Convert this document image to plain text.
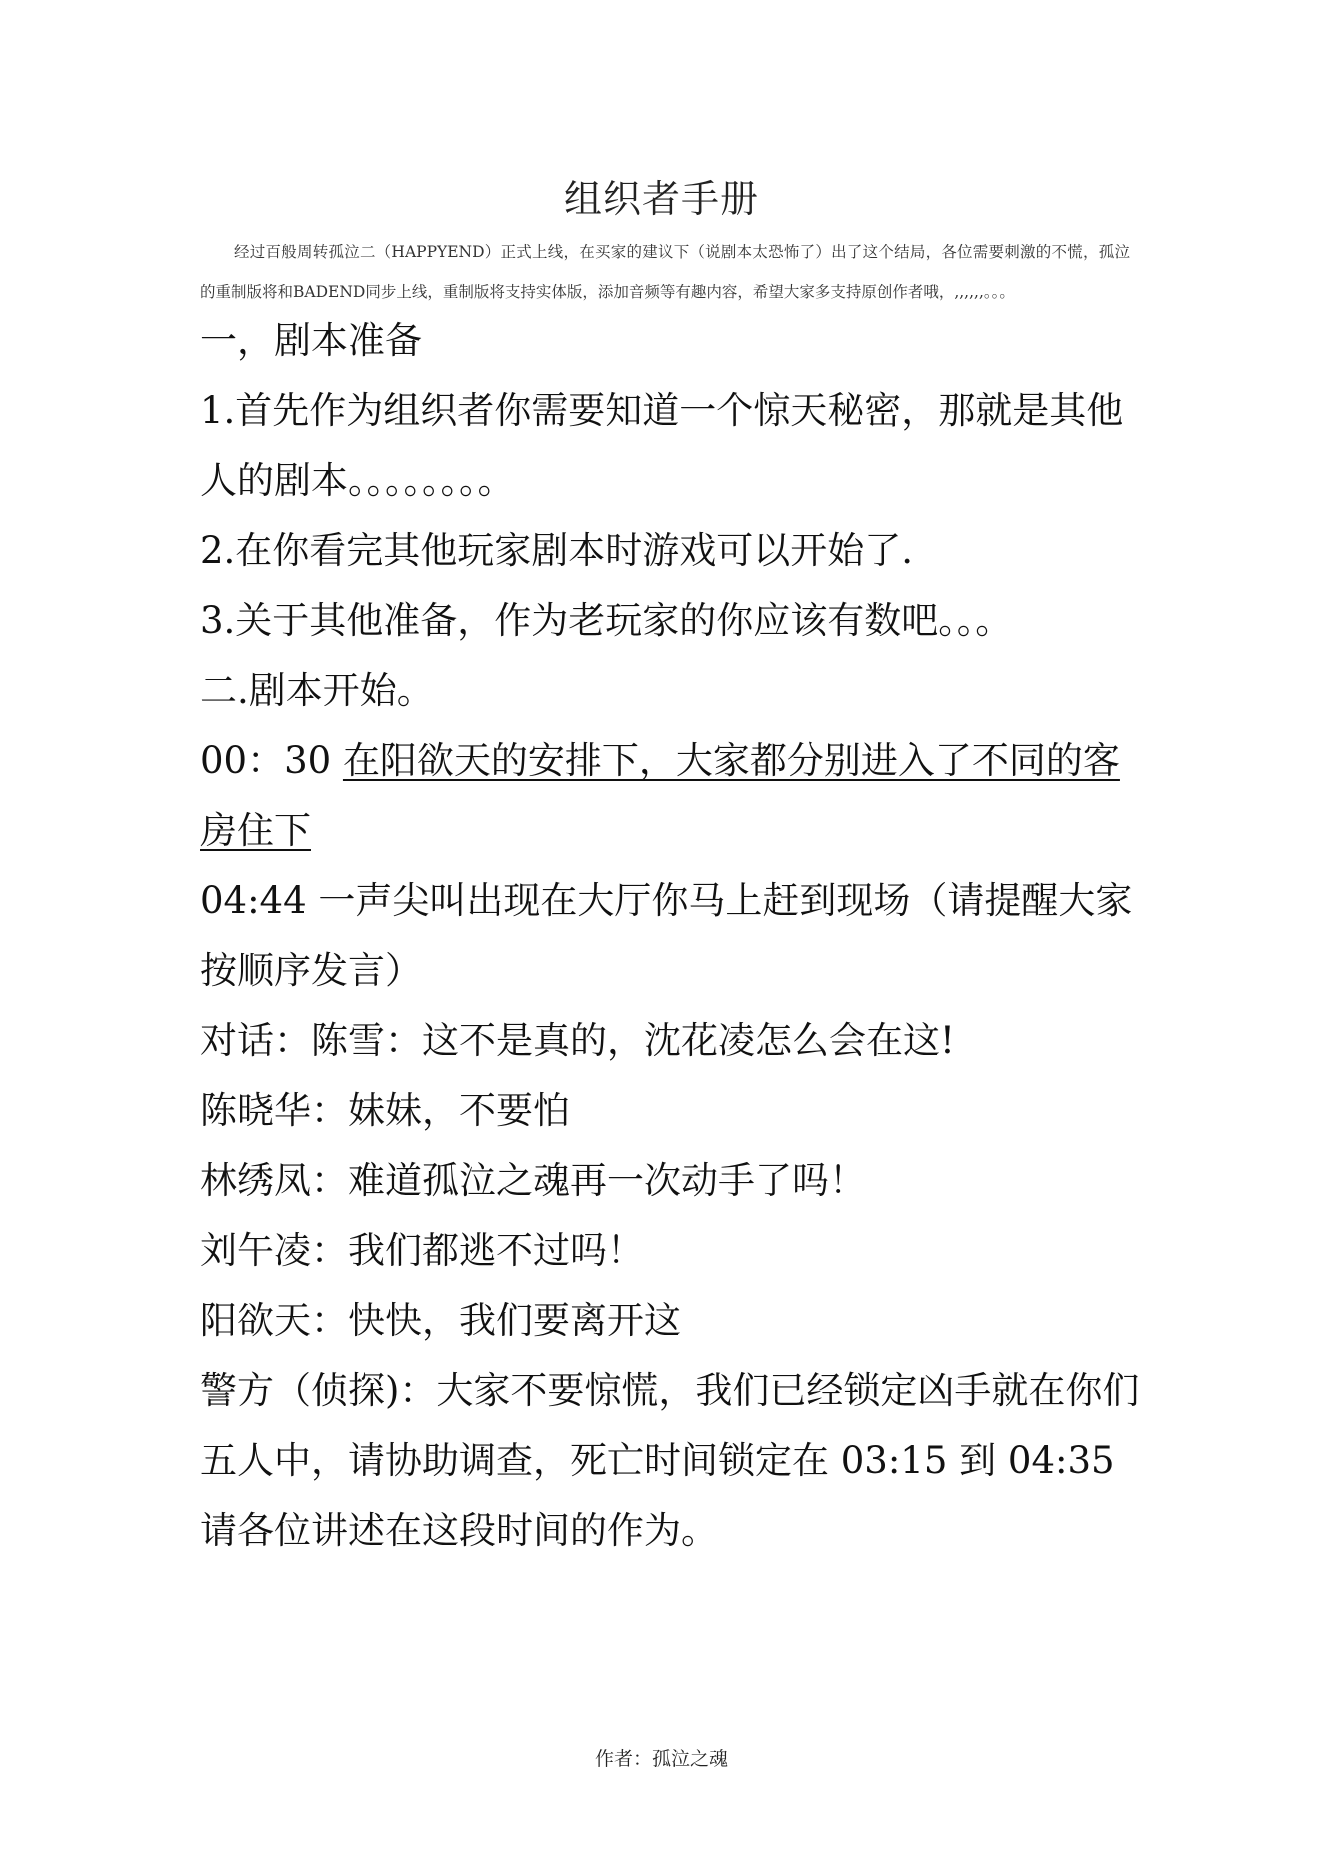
组织者手册
经过百般周转孤泣二（HAPPYEND）正式上线，在买家的建议下（说剧本太恐怖了）出了这个结局，各位需要刺激的不慌，孤泣的重制版将和BADEND同步上线，重制版将支持实体版，添加音频等有趣内容，希望大家多支持原创作者哦，,,,,,,。。。

一，剧本准备

1.首先作为组织者你需要知道一个惊天秘密，那就是其他人的剧本。。。。。。。。

2.在你看完其他玩家剧本时游戏可以开始了.

3.关于其他准备，作为老玩家的你应该有数吧。。。

二.剧本开始。

00：30 在阳欲天的安排下，大家都分别进入了不同的客房住下

04:44 一声尖叫出现在大厅你马上赶到现场（请提醒大家按顺序发言）

对话：陈雪：这不是真的，沈花凌怎么会在这!

陈晓华：妹妹，不要怕

林绣凤：难道孤泣之魂再一次动手了吗！

刘午凌：我们都逃不过吗！

阳欲天：快快，我们要离开这

警方（侦探)：大家不要惊慌，我们已经锁定凶手就在你们五人中，请协助调查，死亡时间锁定在 03:15 到 04:35 请各位讲述在这段时间的作为。

作者：孤泣之魂
